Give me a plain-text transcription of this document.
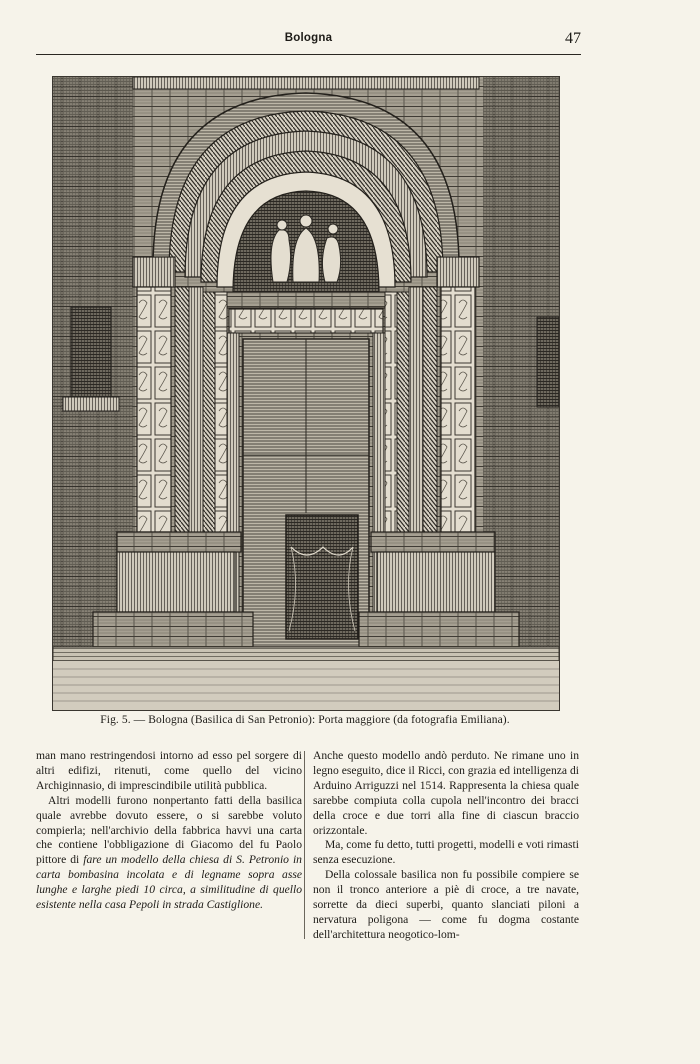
Bologna	47
Fig. 5. — Bologna (Basilica di San Petronio): Porta maggiore (da fotografia Emiliana).

man mano restringendosi intorno ad esso pel sorgere di altri edifizi, ritenuti, come quello del vicino Archiginnasio, di imprescindibile utilità pubblica.

Altri modelli furono nonpertanto fatti della basilica quale avrebbe dovuto essere, o si sarebbe voluto compierla; nell'archivio della fabbrica havvi una carta che contiene l'obbligazione di Giacomo del fu Paolo pittore di fare un modello della chiesa di S. Petronio in carta bombasina incolata e di legname sopra asse lunghe e larghe piedi 10 circa, a similitudine di quello esistente nella casa Pepoli in strada Castiglione.

Anche questo modello andò perduto. Ne rimane uno in legno eseguito, dice il Ricci, con grazia ed intelligenza di Arduino Arriguzzi nel 1514. Rappresenta la chiesa quale sarebbe compiuta colla cupola nell'incontro dei bracci della croce e due torri alla fine di ciascun braccio orizzontale.

Ma, come fu detto, tutti progetti, modelli e voti rimasti senza esecuzione.

Della colossale basilica non fu possibile compiere se non il tronco anteriore a piè di croce, a tre navate, sorrette da dieci superbi, quanto slanciati piloni a nervatura poligona — come fu dogma costante dell'architettura neogotico-lom-
